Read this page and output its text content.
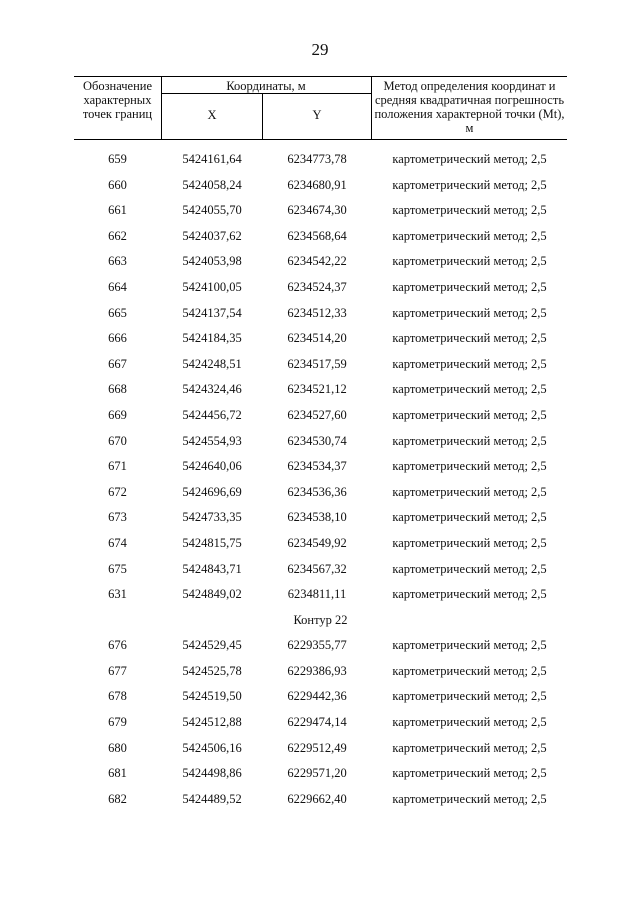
29
Обозначение характерных точек границ
Координаты, м
X	Y
Метод определения координат и средняя квадратичная погрешность положения характерной точки (Mt), м
659	5424161,64	6234773,78	картометрический метод; 2,5
660	5424058,24	6234680,91	картометрический метод; 2,5
661	5424055,70	6234674,30	картометрический метод; 2,5
662	5424037,62	6234568,64	картометрический метод; 2,5
663	5424053,98	6234542,22	картометрический метод; 2,5
664	5424100,05	6234524,37	картометрический метод; 2,5
665	5424137,54	6234512,33	картометрический метод; 2,5
666	5424184,35	6234514,20	картометрический метод; 2,5
667	5424248,51	6234517,59	картометрический метод; 2,5
668	5424324,46	6234521,12	картометрический метод; 2,5
669	5424456,72	6234527,60	картометрический метод; 2,5
670	5424554,93	6234530,74	картометрический метод; 2,5
671	5424640,06	6234534,37	картометрический метод; 2,5
672	5424696,69	6234536,36	картометрический метод; 2,5
673	5424733,35	6234538,10	картометрический метод; 2,5
674	5424815,75	6234549,92	картометрический метод; 2,5
675	5424843,71	6234567,32	картометрический метод; 2,5
631	5424849,02	6234811,11	картометрический метод; 2,5
Контур 22
676	5424529,45	6229355,77	картометрический метод; 2,5
677	5424525,78	6229386,93	картометрический метод; 2,5
678	5424519,50	6229442,36	картометрический метод; 2,5
679	5424512,88	6229474,14	картометрический метод; 2,5
680	5424506,16	6229512,49	картометрический метод; 2,5
681	5424498,86	6229571,20	картометрический метод; 2,5
682	5424489,52	6229662,40	картометрический метод; 2,5
